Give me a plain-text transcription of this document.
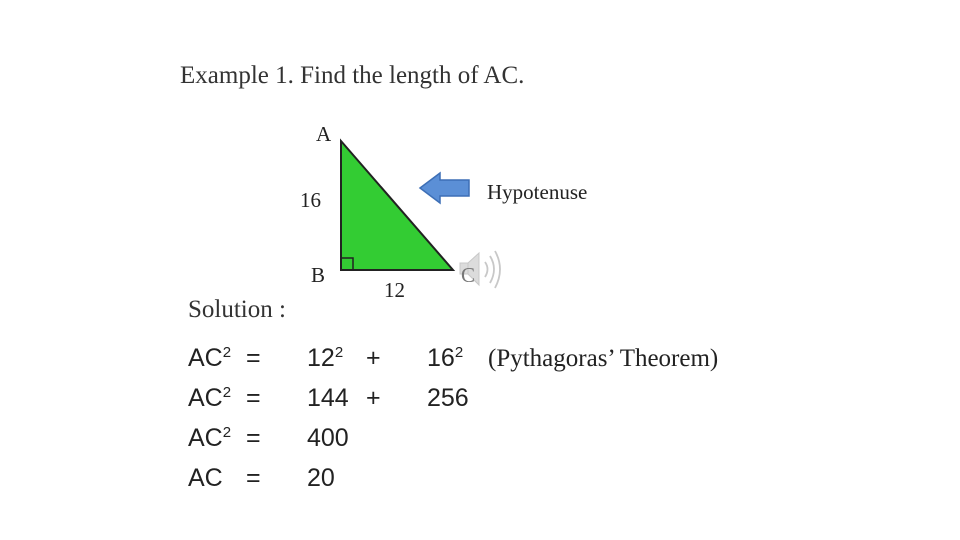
Example 1. Find the length of AC.
A
16
B
12
C
Hypotenuse
Solution :
$AC^2 = 12^2 + 16^2$ (Pythagoras’ Theorem)
$AC^2 = 144 + 256$
$AC^2 = 400$
AC = 20
